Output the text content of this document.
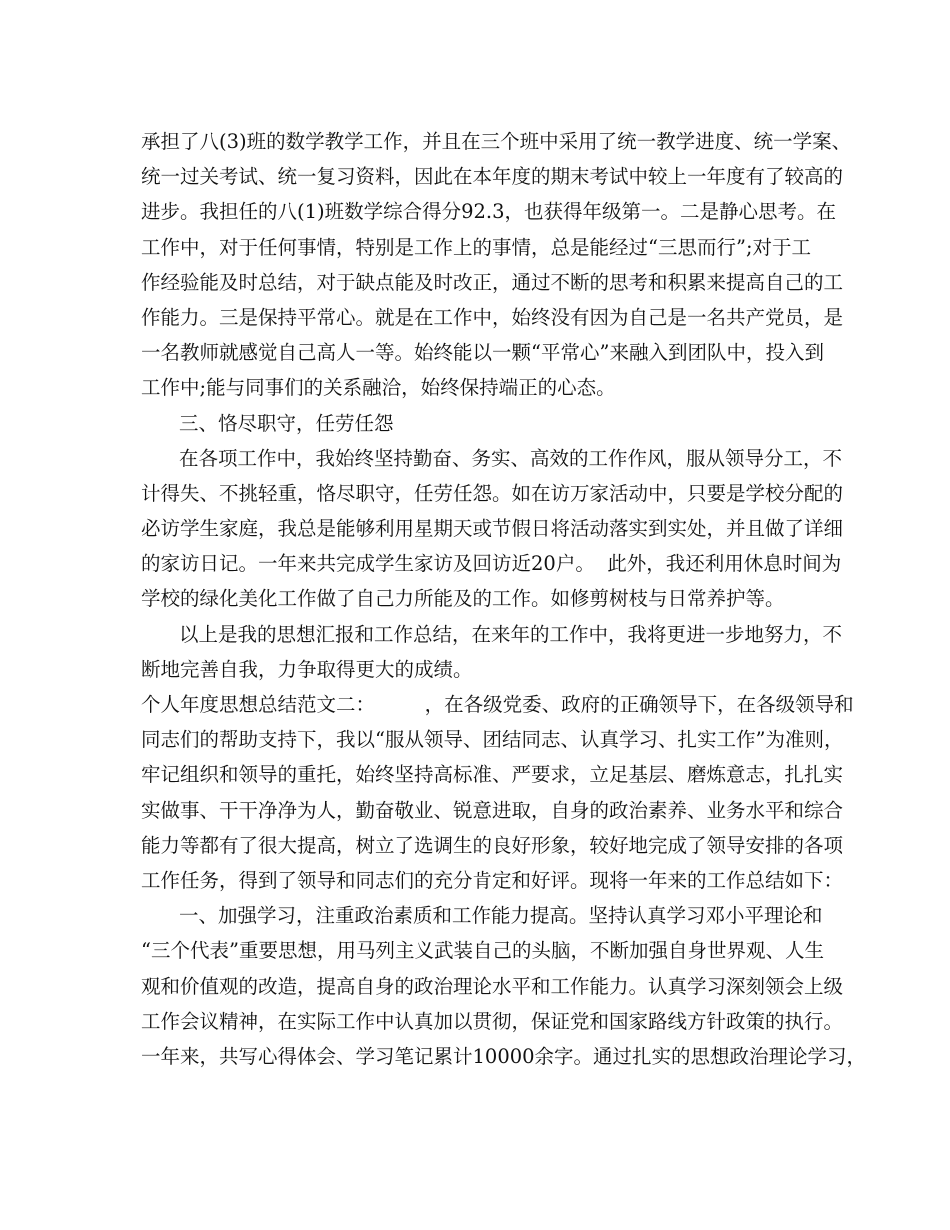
承担了八(3)班的数学教学工作，并且在三个班中采用了统一教学进度、统一学案、
统一过关考试、统一复习资料，因此在本年度的期末考试中较上一年度有了较高的
进步。我担任的八(1)班数学综合得分92.3，也获得年级第一。二是静心思考。在
工作中，对于任何事情，特别是工作上的事情，总是能经过“三思而行”;对于工
作经验能及时总结，对于缺点能及时改正，通过不断的思考和积累来提高自己的工
作能力。三是保持平常心。就是在工作中，始终没有因为自己是一名共产党员，是
一名教师就感觉自己高人一等。始终能以一颗“平常心”来融入到团队中，投入到
工作中;能与同事们的关系融洽，始终保持端正的心态。
三、恪尽职守，任劳任怨
在各项工作中，我始终坚持勤奋、务实、高效的工作作风，服从领导分工，不
计得失、不挑轻重，恪尽职守，任劳任怨。如在访万家活动中，只要是学校分配的
必访学生家庭，我总是能够利用星期天或节假日将活动落实到实处，并且做了详细
的家访日记。一年来共完成学生家访及回访近20户。  此外，我还利用休息时间为
学校的绿化美化工作做了自己力所能及的工作。如修剪树枝与日常养护等。
以上是我的思想汇报和工作总结，在来年的工作中，我将更进一步地努力，不
断地完善自我，力争取得更大的成绩。
个人年度思想总结范文二：        ，在各级党委、政府的正确领导下，在各级领导和
同志们的帮助支持下，我以“服从领导、团结同志、认真学习、扎实工作”为准则，
牢记组织和领导的重托，始终坚持高标准、严要求，立足基层、磨炼意志，扎扎实
实做事、干干净净为人，勤奋敬业、锐意进取，自身的政治素养、业务水平和综合
能力等都有了很大提高，树立了选调生的良好形象，较好地完成了领导安排的各项
工作任务，得到了领导和同志们的充分肯定和好评。现将一年来的工作总结如下：
一、加强学习，注重政治素质和工作能力提高。坚持认真学习邓小平理论和
“三个代表”重要思想，用马列主义武装自己的头脑，不断加强自身世界观、人生
观和价值观的改造，提高自身的政治理论水平和工作能力。认真学习深刻领会上级
工作会议精神，在实际工作中认真加以贯彻，保证党和国家路线方针政策的执行。
一年来，共写心得体会、学习笔记累计10000余字。通过扎实的思想政治理论学习，
